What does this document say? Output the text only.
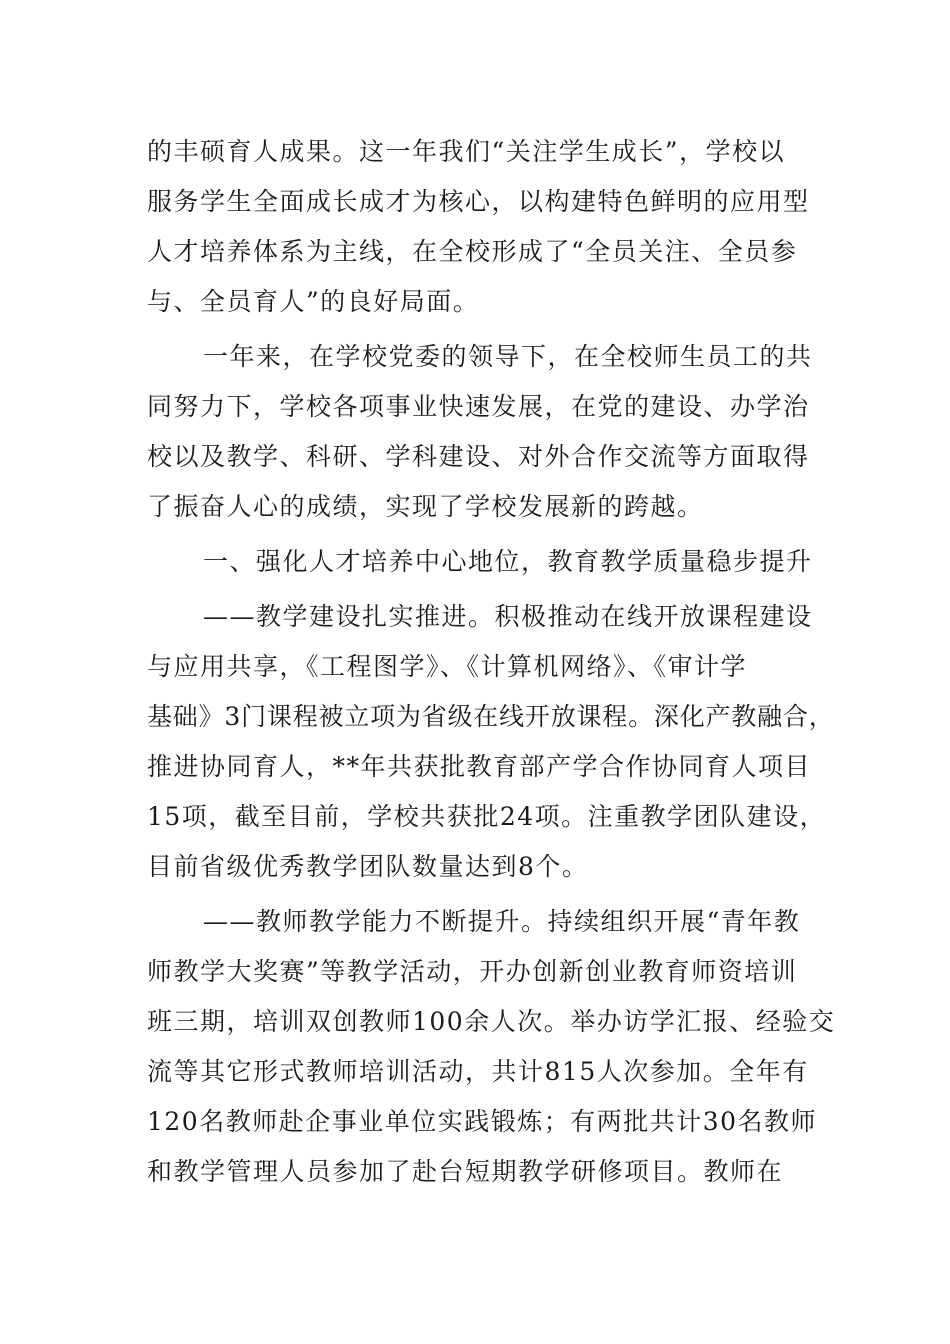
的丰硕育人成果。这一年我们“关注学生成长”，学校以

服务学生全面成长成才为核心，以构建特色鲜明的应用型

人才培养体系为主线，在全校形成了“全员关注、全员参

与、全员育人”的良好局面。

一年来，在学校党委的领导下，在全校师生员工的共

同努力下，学校各项事业快速发展，在党的建设、办学治

校以及教学、科研、学科建设、对外合作交流等方面取得

了振奋人心的成绩，实现了学校发展新的跨越。

一、强化人才培养中心地位，教育教学质量稳步提升

——教学建设扎实推进。积极推动在线开放课程建设

与应用共享，《工程图学》、《计算机网络》、《审计学

基础》3门课程被立项为省级在线开放课程。深化产教融合，

推进协同育人，**年共获批教育部产学合作协同育人项目

15项，截至目前，学校共获批24项。注重教学团队建设，

目前省级优秀教学团队数量达到8个。

——教师教学能力不断提升。持续组织开展“青年教

师教学大奖赛”等教学活动，开办创新创业教育师资培训

班三期，培训双创教师100余人次。举办访学汇报、经验交

流等其它形式教师培训活动，共计815人次参加。全年有

120名教师赴企事业单位实践锻炼；有两批共计30名教师

和教学管理人员参加了赴台短期教学研修项目。教师在
